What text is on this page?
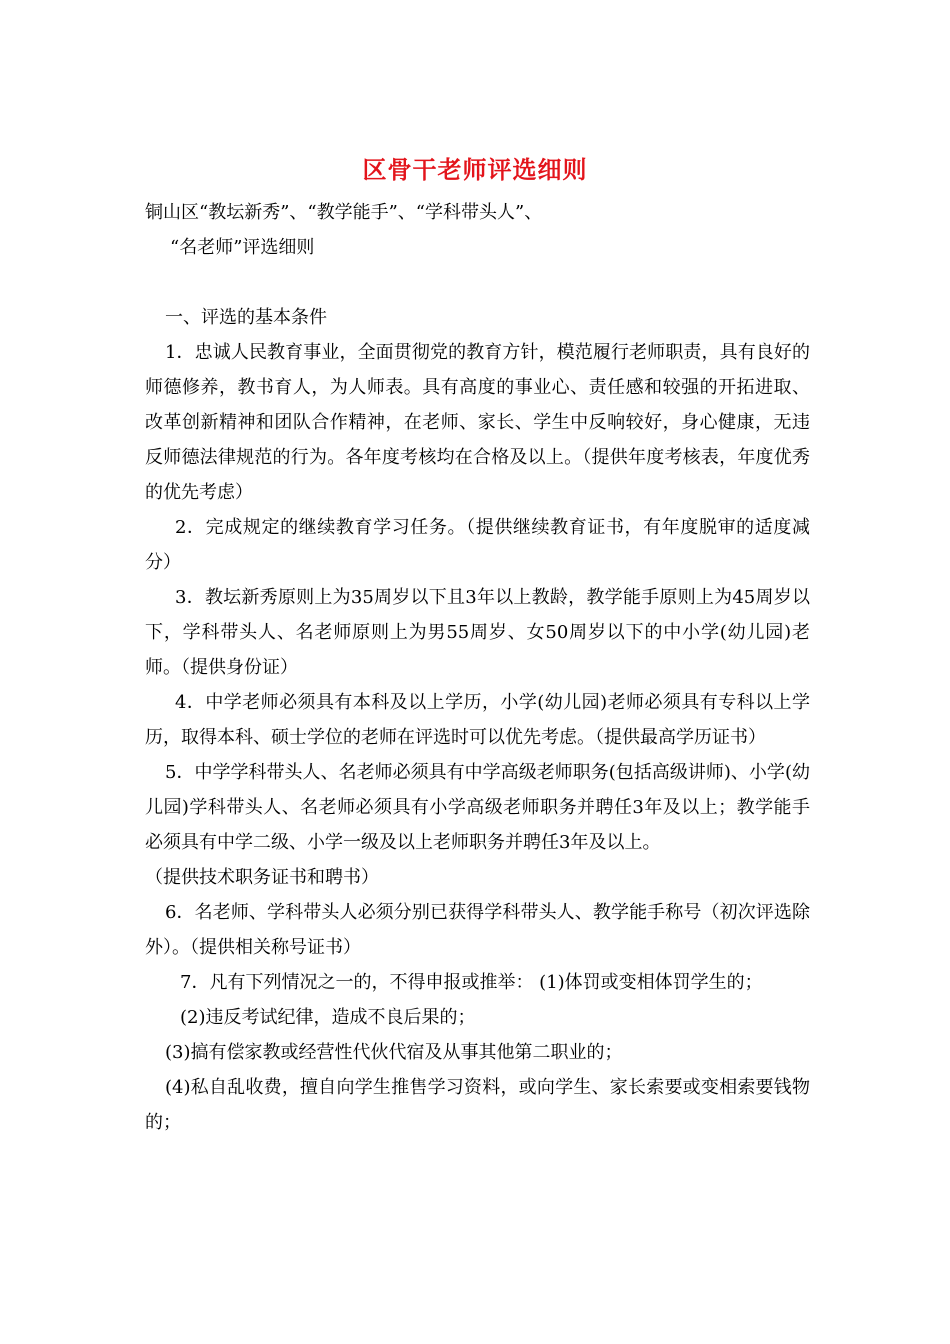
区骨干老师评选细则

铜山区“教坛新秀”、“教学能手”、“学科带头人”、

“名老师”评选细则

一、评选的基本条件

1．忠诚人民教育事业，全面贯彻党的教育方针，模范履行老师职责，具有良好的师德修养，教书育人，为人师表。具有高度的事业心、责任感和较强的开拓进取、改革创新精神和团队合作精神，在老师、家长、学生中反响较好，身心健康，无违反师德法律规范的行为。各年度考核均在合格及以上。（提供年度考核表，年度优秀的优先考虑）

2．完成规定的继续教育学习任务。（提供继续教育证书，有年度脱审的适度减分）

3．教坛新秀原则上为35周岁以下且3年以上教龄，教学能手原则上为45周岁以下，学科带头人、名老师原则上为男55周岁、女50周岁以下的中小学(幼儿园)老师。（提供身份证）

4．中学老师必须具有本科及以上学历，小学(幼儿园)老师必须具有专科以上学历，取得本科、硕士学位的老师在评选时可以优先考虑。（提供最高学历证书）

5．中学学科带头人、名老师必须具有中学高级老师职务(包括高级讲师)、小学(幼儿园)学科带头人、名老师必须具有小学高级老师职务并聘任3年及以上；教学能手必须具有中学二级、小学一级及以上老师职务并聘任3年及以上。

（提供技术职务证书和聘书）

6．名老师、学科带头人必须分别已获得学科带头人、教学能手称号（初次评选除外）。（提供相关称号证书）

7．凡有下列情况之一的，不得申报或推举： (1)体罚或变相体罚学生的；

(2)违反考试纪律，造成不良后果的；

(3)搞有偿家教或经营性代伙代宿及从事其他第二职业的；

(4)私自乱收费，擅自向学生推售学习资料，或向学生、家长索要或变相索要钱物的；
